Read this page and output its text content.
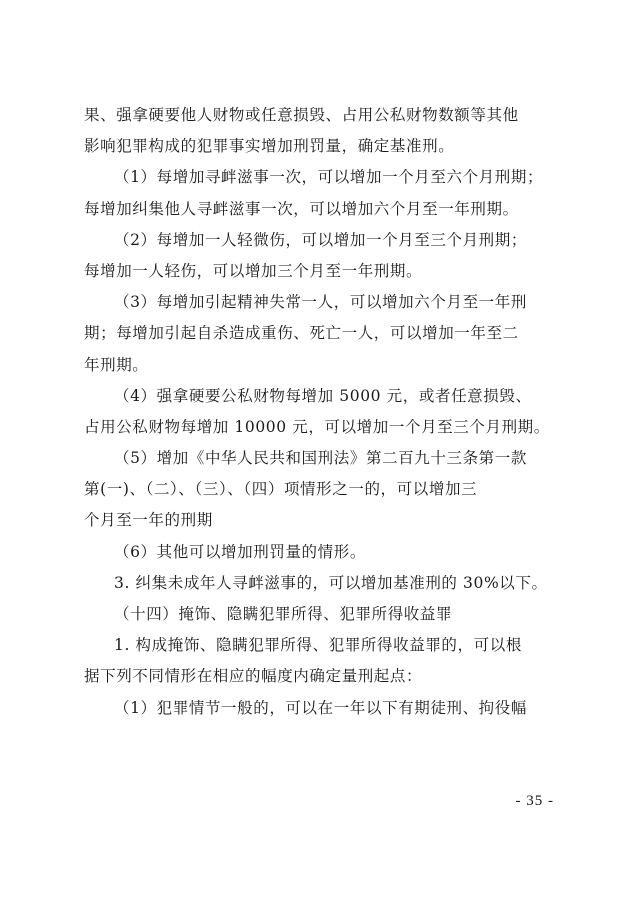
果、强拿硬要他人财物或任意损毁、占用公私财物数额等其他
影响犯罪构成的犯罪事实增加刑罚量，确定基准刑。
（1）每增加寻衅滋事一次，可以增加一个月至六个月刑期；
每增加纠集他人寻衅滋事一次，可以增加六个月至一年刑期。
（2）每增加一人轻微伤，可以增加一个月至三个月刑期；
每增加一人轻伤，可以增加三个月至一年刑期。
（3）每增加引起精神失常一人，可以增加六个月至一年刑
期；每增加引起自杀造成重伤、死亡一人，可以增加一年至二
年刑期。
（4）强拿硬要公私财物每增加 5000 元，或者任意损毁、
占用公私财物每增加 10000 元，可以增加一个月至三个月刑期。
（5）增加《中华人民共和国刑法》第二百九十三条第一款
第(一)、（二）、（三）、（四）项情形之一的，可以增加三
个月至一年的刑期
（6）其他可以增加刑罚量的情形。
3. 纠集未成年人寻衅滋事的，可以增加基准刑的 30%以下。
（十四）掩饰、隐瞒犯罪所得、犯罪所得收益罪
1. 构成掩饰、隐瞒犯罪所得、犯罪所得收益罪的，可以根
据下列不同情形在相应的幅度内确定量刑起点：
（1）犯罪情节一般的，可以在一年以下有期徒刑、拘役幅
- 35 -
